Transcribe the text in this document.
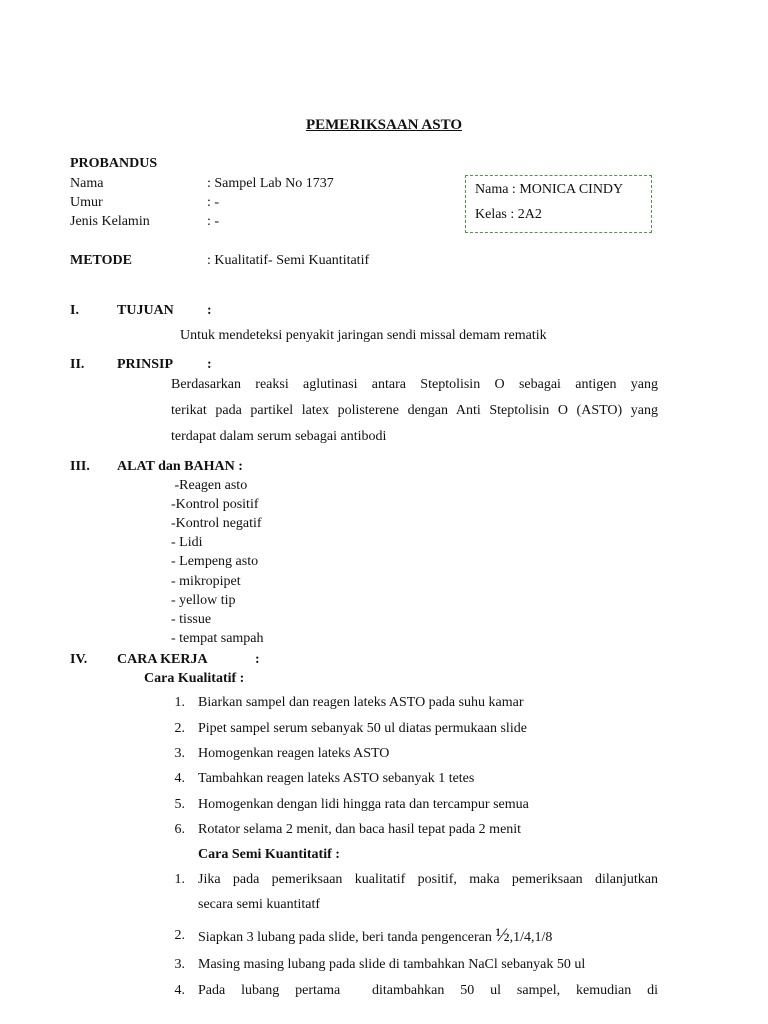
PEMERIKSAAN ASTO
PROBANDUS
Nama	: Sampel Lab No 1737
Umur	: -
Jenis Kelamin	: -
Nama : MONICA CINDY
Kelas : 2A2
METODE	: Kualitatif- Semi Kuantitatif
I.	TUJUAN :
Untuk mendeteksi penyakit jaringan sendi missal demam rematik
II. PRINSIP :
Berdasarkan reaksi aglutinasi antara Steptolisin O sebagai antigen yang
terikat pada partikel latex polisterene dengan Anti Steptolisin O (ASTO) yang
terdapat dalam serum sebagai antibodi
III. ALAT dan BAHAN :
-Reagen asto
-Kontrol positif
-Kontrol negatif
- Lidi
- Lempeng asto
- mikropipet
- yellow tip
- tissue
- tempat sampah
IV. CARA KERJA	:
Cara Kualitatif :
1. Biarkan sampel dan reagen lateks ASTO pada suhu kamar
2. Pipet sampel serum sebanyak 50 ul diatas permukaan slide
3. Homogenkan reagen lateks ASTO
4. Tambahkan reagen lateks ASTO sebanyak 1 tetes
5. Homogenkan dengan lidi hingga rata dan tercampur semua
6. Rotator selama 2 menit, dan baca hasil tepat pada 2 menit
Cara Semi Kuantitatif :
1. Jika pada pemeriksaan kualitatif positif, maka pemeriksaan dilanjutkan
secara semi kuantitatf
2. Siapkan 3 lubang pada slide, beri tanda pengenceran ½,1/4,1/8
3. Masing masing lubang pada slide di tambahkan NaCl sebanyak 50 ul
4. Pada lubang pertama  ditambahkan 50 ul sampel, kemudian di
